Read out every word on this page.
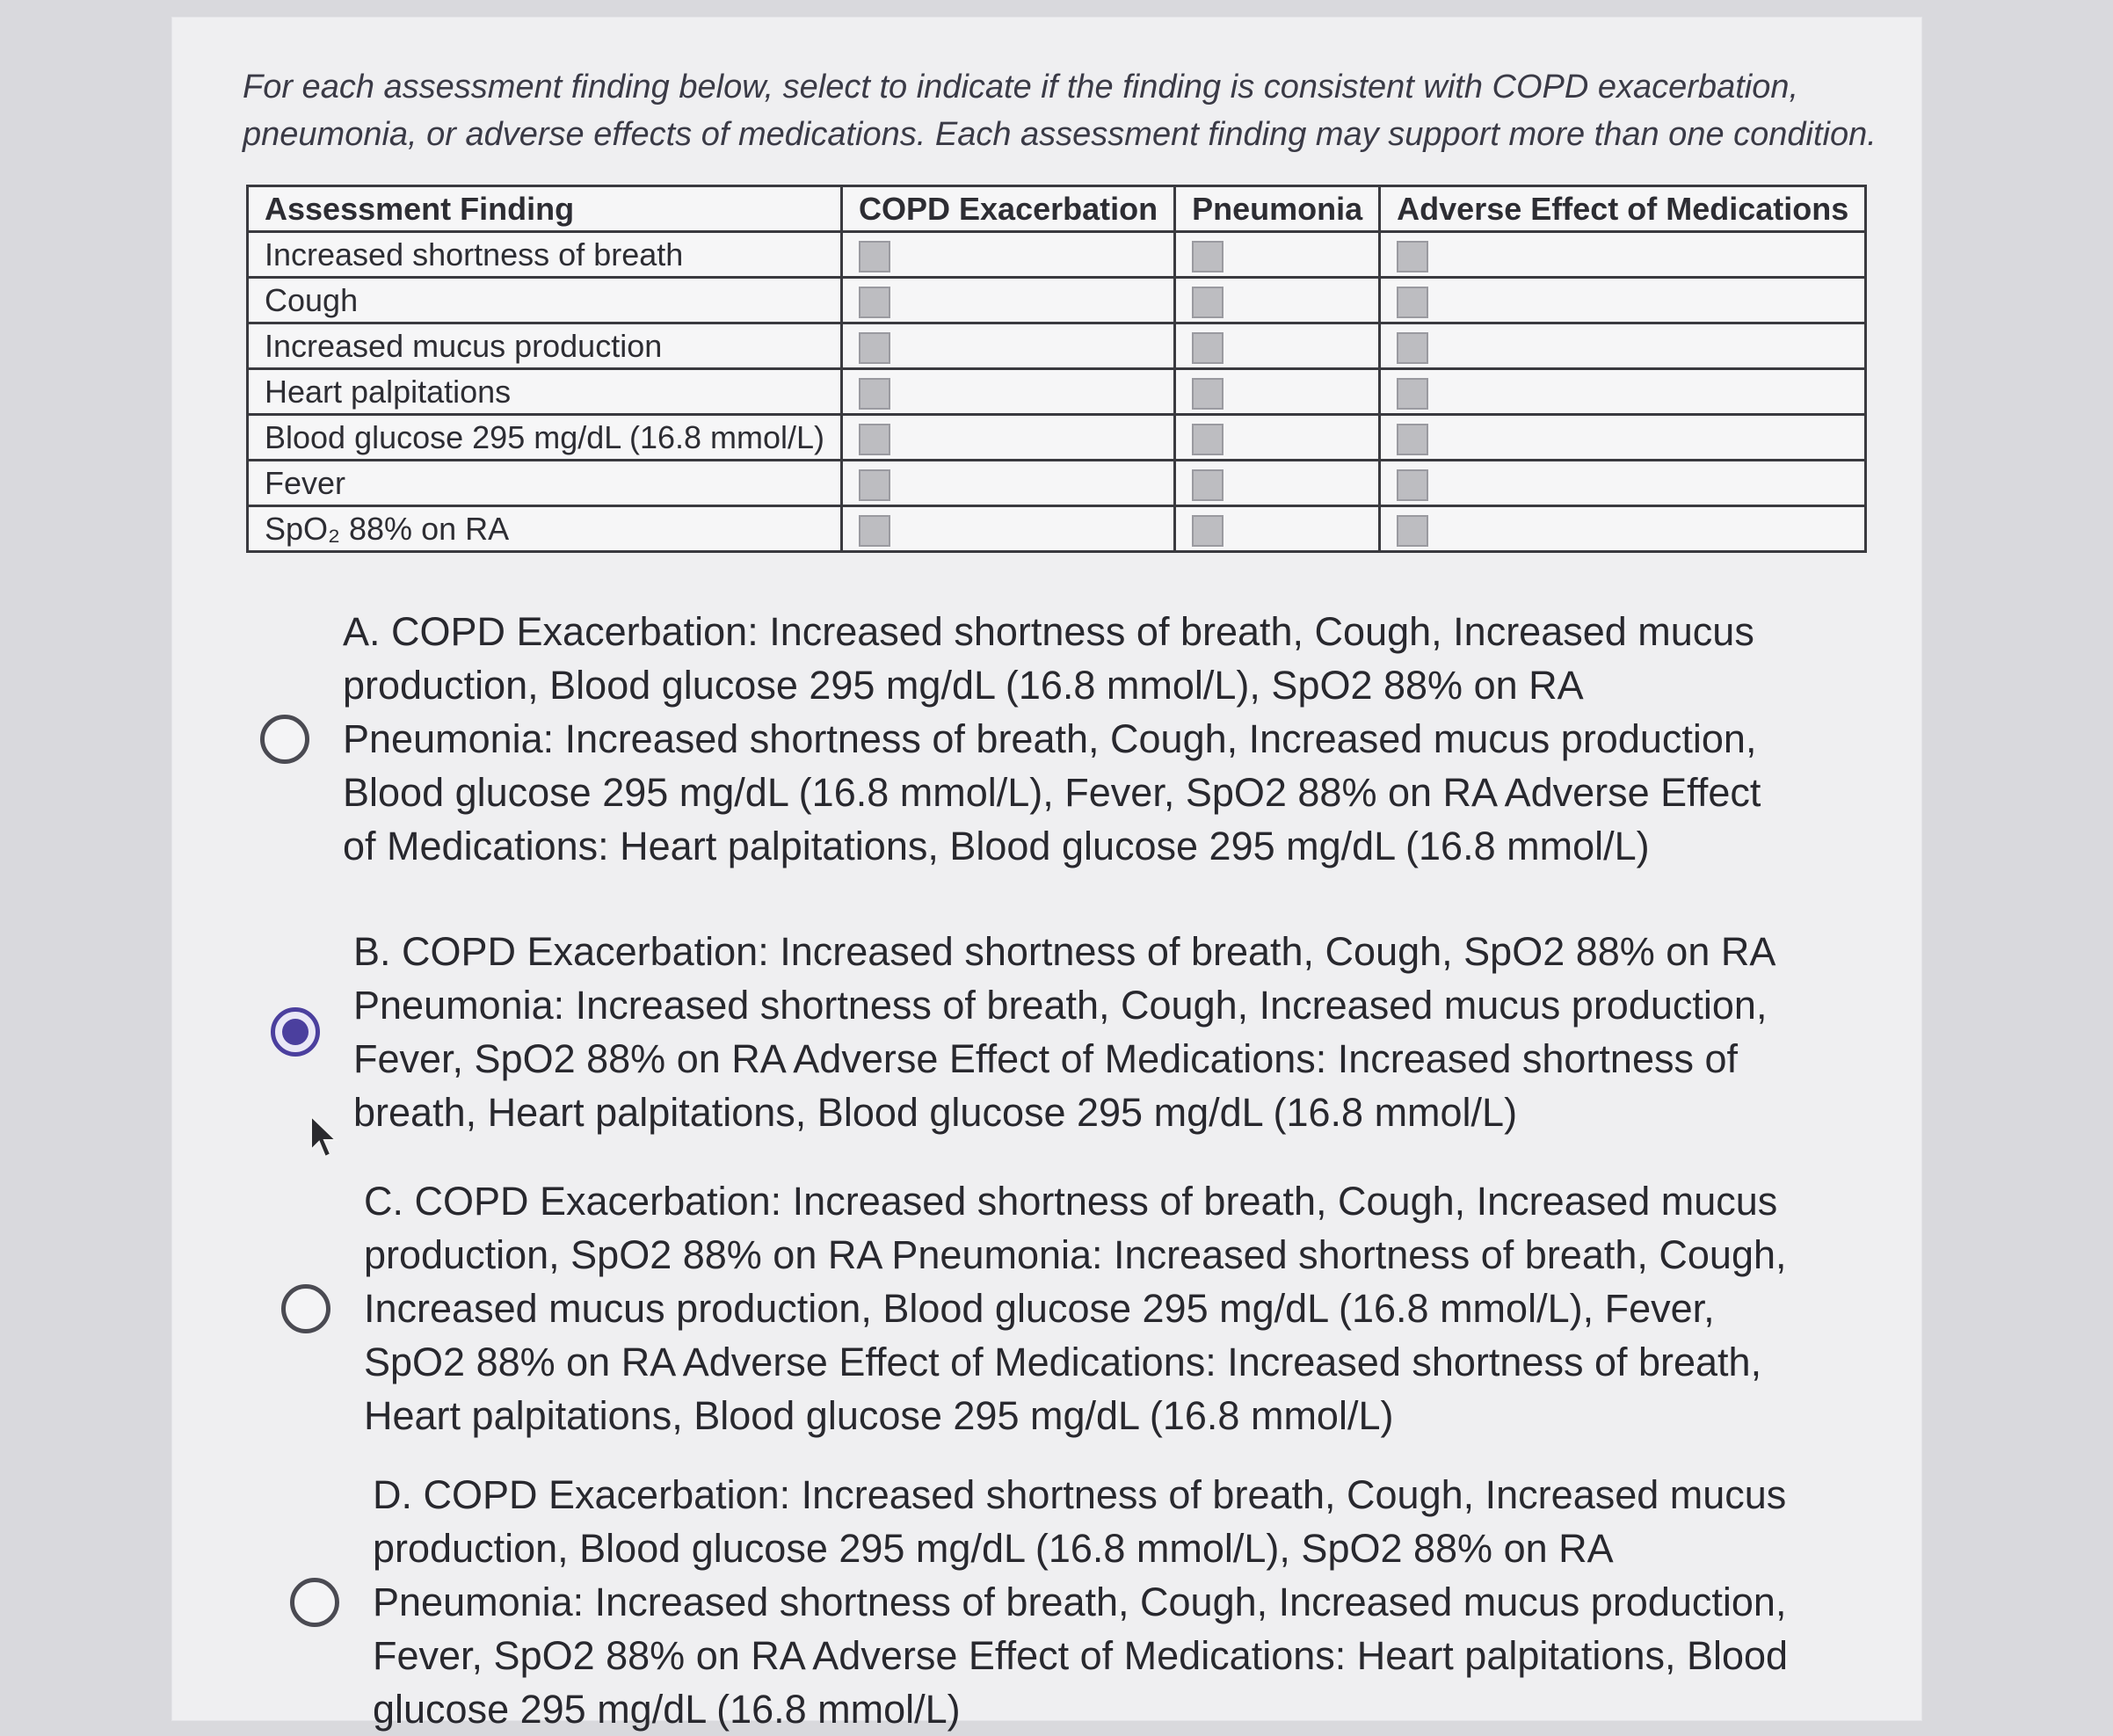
For each assessment finding below, select to indicate if the finding is consistent with COPD exacerbation, pneumonia, or adverse effects of medications. Each assessment finding may support more than one condition.

Assessment Finding	COPD Exacerbation	Pneumonia	Adverse Effect of Medications
Increased shortness of breath			
Cough			
Increased mucus production			
Heart palpitations			
Blood glucose 295 mg/dL (16.8 mmol/L)			
Fever			
SpO₂ 88% on RA			

A. COPD Exacerbation: Increased shortness of breath, Cough, Increased mucus production, Blood glucose 295 mg/dL (16.8 mmol/L), SpO2 88% on RA Pneumonia: Increased shortness of breath, Cough, Increased mucus production, Blood glucose 295 mg/dL (16.8 mmol/L), Fever, SpO2 88% on RA Adverse Effect of Medications: Heart palpitations, Blood glucose 295 mg/dL (16.8 mmol/L)

B. COPD Exacerbation: Increased shortness of breath, Cough, SpO2 88% on RA Pneumonia: Increased shortness of breath, Cough, Increased mucus production, Fever, SpO2 88% on RA Adverse Effect of Medications: Increased shortness of breath, Heart palpitations, Blood glucose 295 mg/dL (16.8 mmol/L)

C. COPD Exacerbation: Increased shortness of breath, Cough, Increased mucus production, SpO2 88% on RA Pneumonia: Increased shortness of breath, Cough, Increased mucus production, Blood glucose 295 mg/dL (16.8 mmol/L), Fever, SpO2 88% on RA Adverse Effect of Medications: Increased shortness of breath, Heart palpitations, Blood glucose 295 mg/dL (16.8 mmol/L)

D. COPD Exacerbation: Increased shortness of breath, Cough, Increased mucus production, Blood glucose 295 mg/dL (16.8 mmol/L), SpO2 88% on RA Pneumonia: Increased shortness of breath, Cough, Increased mucus production, Fever, SpO2 88% on RA Adverse Effect of Medications: Heart palpitations, Blood glucose 295 mg/dL (16.8 mmol/L)
